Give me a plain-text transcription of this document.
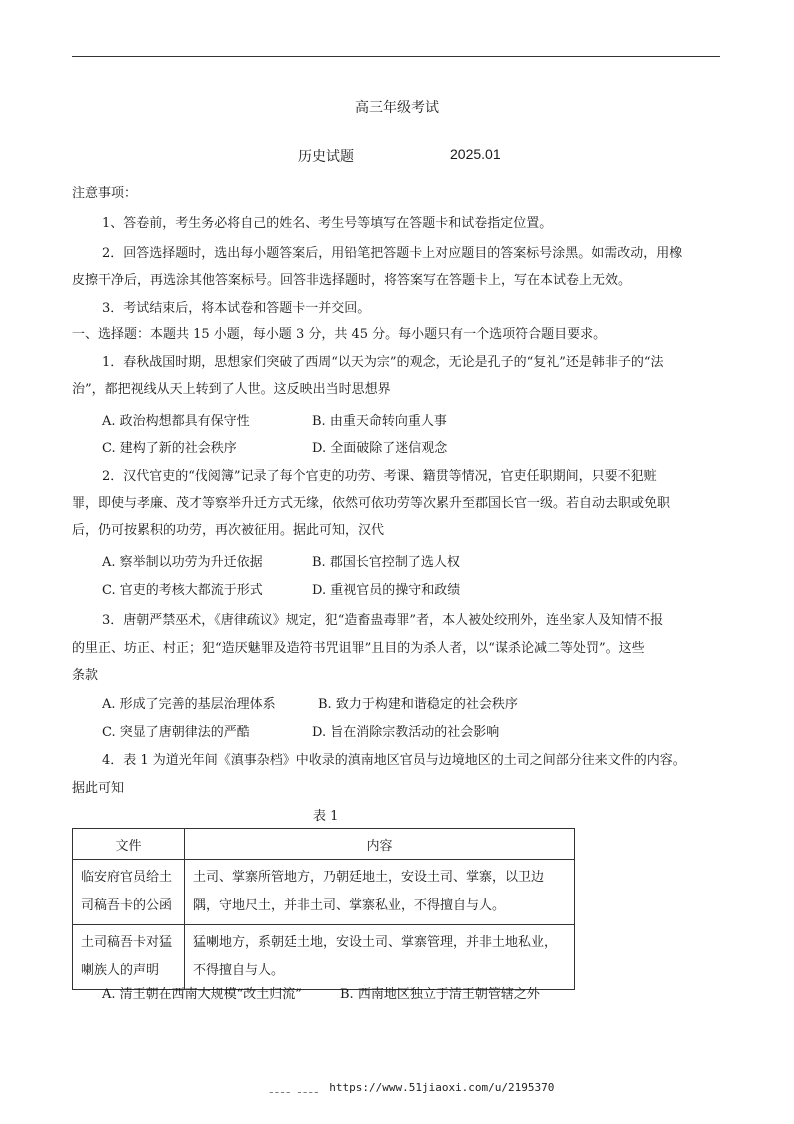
高三年级考试
历史试题	2025.01
注意事项：
1、答卷前，考生务必将自己的姓名、考生号等填写在答题卡和试卷指定位置。
2．回答选择题时，选出每小题答案后，用铅笔把答题卡上对应题目的答案标号涂黑。如需改动，用橡
皮擦干净后，再选涂其他答案标号。回答非选择题时，将答案写在答题卡上，写在本试卷上无效。
3．考试结束后，将本试卷和答题卡一并交回。
一、选择题：本题共 15 小题，每小题 3 分，共 45 分。每小题只有一个选项符合题目要求。
1．春秋战国时期，思想家们突破了西周“以天为宗”的观念，无论是孔子的“复礼”还是韩非子的“法
治”，都把视线从天上转到了人世。这反映出当时思想界
A. 政治构想都具有保守性	B. 由重天命转向重人事
C. 建构了新的社会秩序	D. 全面破除了迷信观念
2．汉代官吏的“伐阅簿”记录了每个官吏的功劳、考课、籍贯等情况，官吏任职期间，只要不犯赃
罪，即使与孝廉、茂才等察举升迁方式无缘，依然可依功劳等次累升至郡国长官一级。若自动去职或免职
后，仍可按累积的功劳，再次被征用。据此可知，汉代
A. 察举制以功劳为升迁依据	B. 郡国长官控制了选人权
C. 官吏的考核大都流于形式	D. 重视官员的操守和政绩
3．唐朝严禁巫术，《唐律疏议》规定，犯“造畜蛊毒罪”者，本人被处绞刑外，连坐家人及知情不报
的里正、坊正、村正；犯“造厌魅罪及造符书咒诅罪”且目的为杀人者，以“谋杀论减二等处罚”。这些
条款
A. 形成了完善的基层治理体系	B. 致力于构建和谐稳定的社会秩序
C. 突显了唐朝律法的严酷	D. 旨在消除宗教活动的社会影响
4．表 1 为道光年间《滇事杂档》中收录的滇南地区官员与边境地区的土司之间部分往来文件的内容。
据此可知
表 1
文件	内容
临安府官员给土司稿吾卡的公函	土司、掌寨所管地方，乃朝廷地土，安设土司、掌寨，以卫边隅，守地尺土，并非土司、掌寨私业，不得擅自与人。
土司稿吾卡对猛喇族人的声明	猛喇地方，系朝廷土地，安设土司、掌寨管理，并非土地私业，不得擅自与人。
A. 清王朝在西南大规模“改土归流”	B. 西南地区独立于清王朝管辖之外
ˍˍˍˍ ˍˍˍˍ https://www.51jiaoxi.com/u/2195370
